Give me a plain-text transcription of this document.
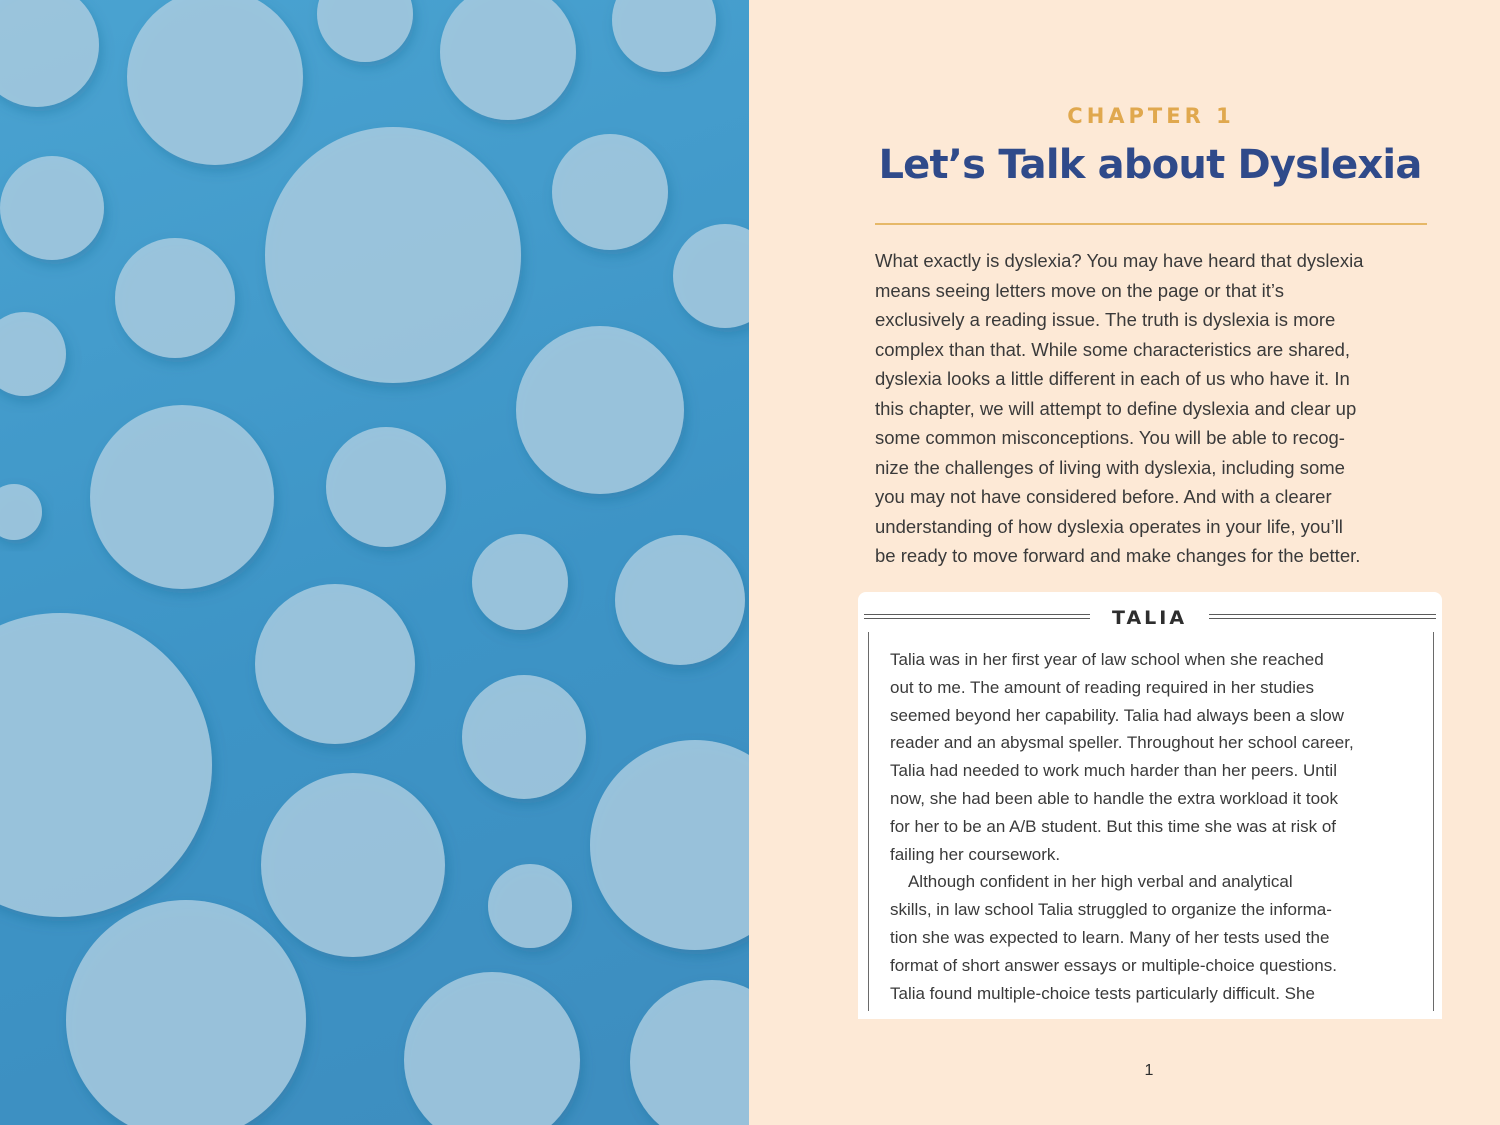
CHAPTER 1
Let’s Talk about Dyslexia

What exactly is dyslexia? You may have heard that dyslexia
means seeing letters move on the page or that it’s
exclusively a reading issue. The truth is dyslexia is more
complex than that. While some characteristics are shared,
dyslexia looks a little different in each of us who have it. In
this chapter, we will attempt to define dyslexia and clear up
some common misconceptions. You will be able to recog-
nize the challenges of living with dyslexia, including some
you may not have considered before. And with a clearer
understanding of how dyslexia operates in your life, you’ll
be ready to move forward and make changes for the better.

TALIA

Talia was in her first year of law school when she reached
out to me. The amount of reading required in her studies
seemed beyond her capability. Talia had always been a slow
reader and an abysmal speller. Throughout her school career,
Talia had needed to work much harder than her peers. Until
now, she had been able to handle the extra workload it took
for her to be an A/B student. But this time she was at risk of
failing her coursework.
Although confident in her high verbal and analytical
skills, in law school Talia struggled to organize the informa-
tion she was expected to learn. Many of her tests used the
format of short answer essays or multiple-choice questions.
Talia found multiple-choice tests particularly difficult. She

1
